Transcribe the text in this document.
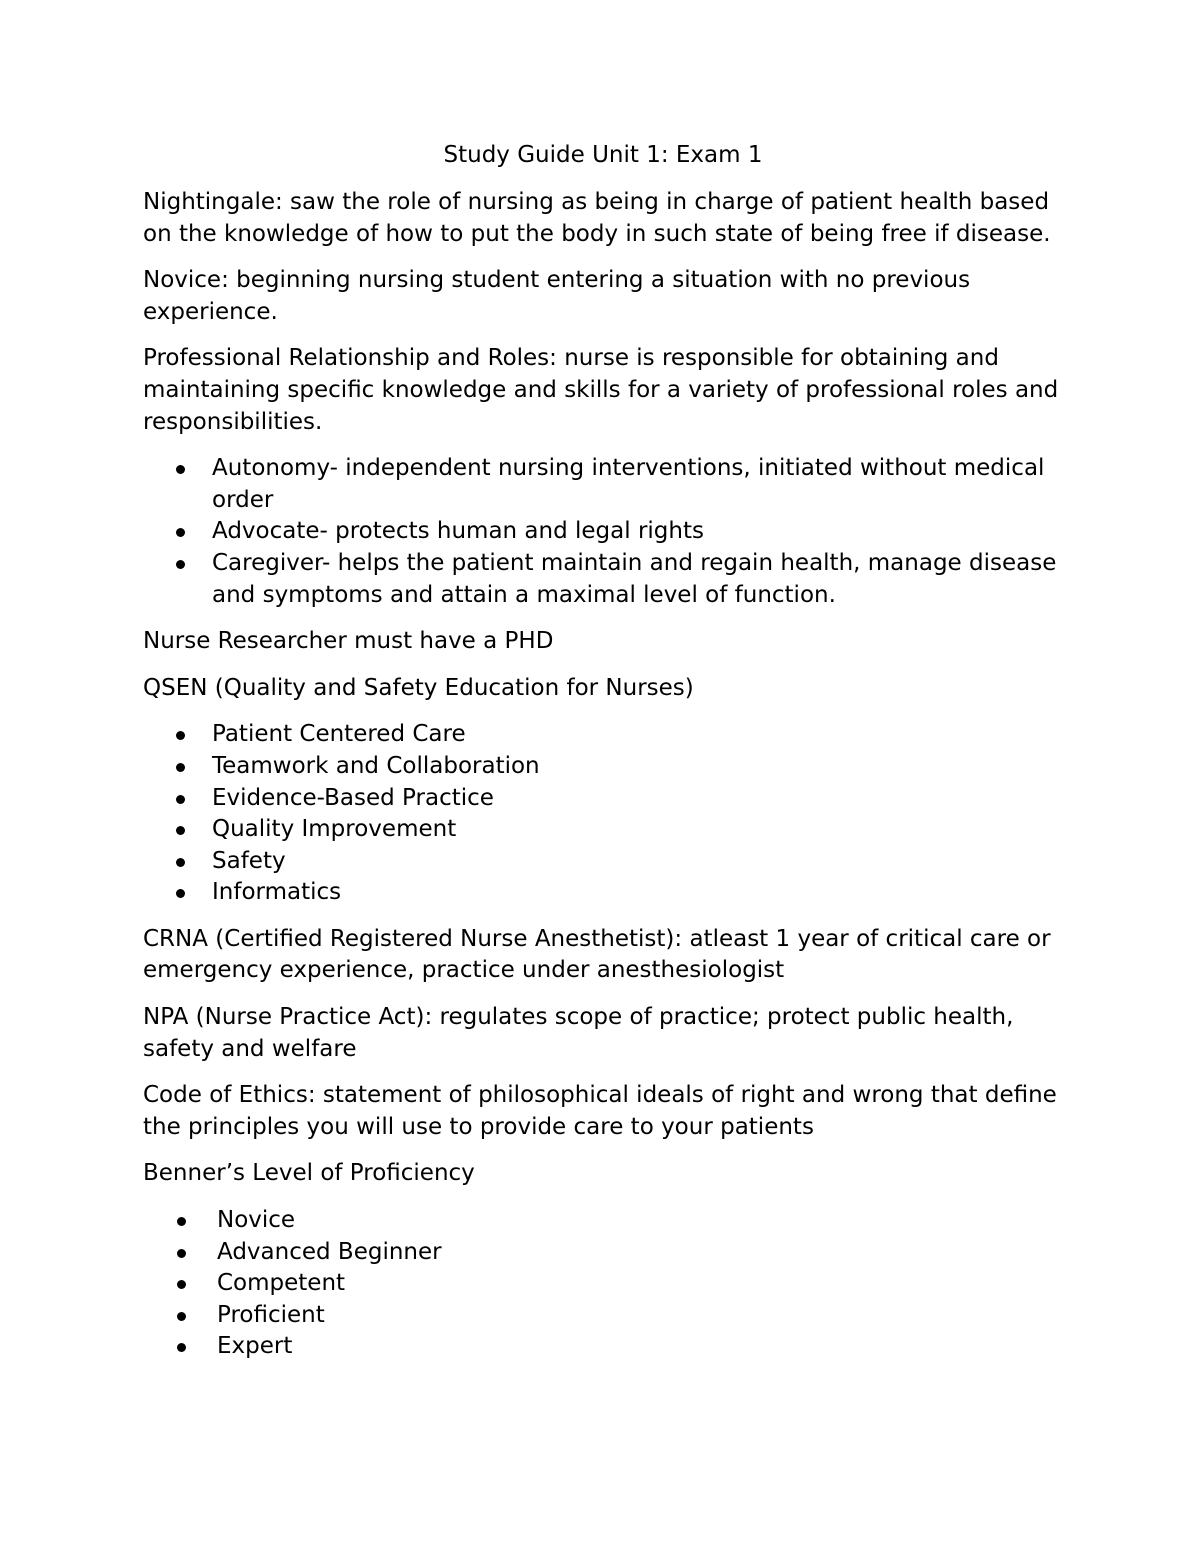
Study Guide Unit 1: Exam 1

Nightingale: saw the role of nursing as being in charge of patient health based on the knowledge of how to put the body in such state of being free if disease.

Novice: beginning nursing student entering a situation with no previous experience.

Professional Relationship and Roles: nurse is responsible for obtaining and maintaining specific knowledge and skills for a variety of professional roles and responsibilities.

Autonomy- independent nursing interventions, initiated without medical order
Advocate- protects human and legal rights
Caregiver- helps the patient maintain and regain health, manage disease and symptoms and attain a maximal level of function.

Nurse Researcher must have a PHD

QSEN (Quality and Safety Education for Nurses)

Patient Centered Care
Teamwork and Collaboration
Evidence-Based Practice
Quality Improvement
Safety
Informatics

CRNA (Certified Registered Nurse Anesthetist): atleast 1 year of critical care or emergency experience, practice under anesthesiologist

NPA (Nurse Practice Act): regulates scope of practice; protect public health, safety and welfare

Code of Ethics: statement of philosophical ideals of right and wrong that define the principles you will use to provide care to your patients

Benner’s Level of Proficiency

Novice
Advanced Beginner
Competent
Proficient
Expert
